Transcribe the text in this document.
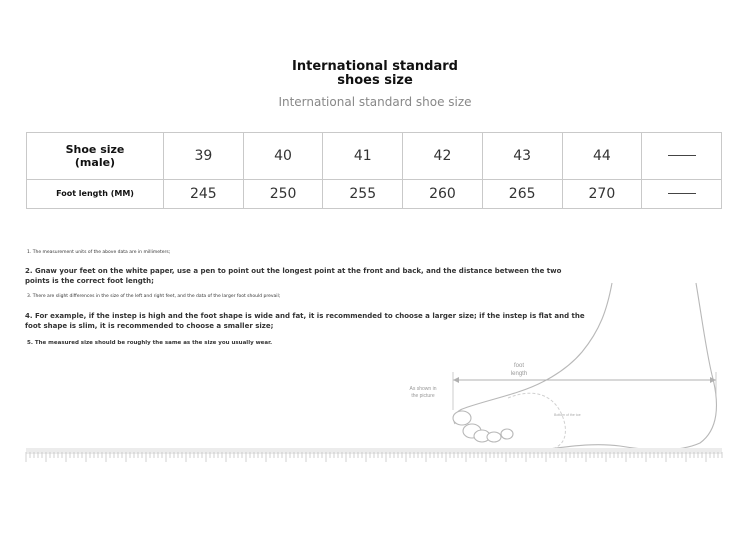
International standard
shoes size
International standard shoe size
Shoe size
(male)	39	40	41	42	43	44	
Foot length (MM)	245	250	255	260	265	270	
1. The measurement units of the above data are in millimeters;
2. Gnaw your feet on the white paper, use a pen to point out the longest point at the front and back, and the distance between the two points is the correct foot length;
3. There are slight differences in the size of the left and right feet, and the data of the larger foot should prevail;
4. For example, if the instep is high and the foot shape is wide and fat, it is recommended to choose a larger size; if the instep is flat and the foot shape is slim, it is recommended to choose a smaller size;
5. The measured size should be roughly the same as the size you usually wear.
foot
length
As shown in
the picture
Bottom of the toe
